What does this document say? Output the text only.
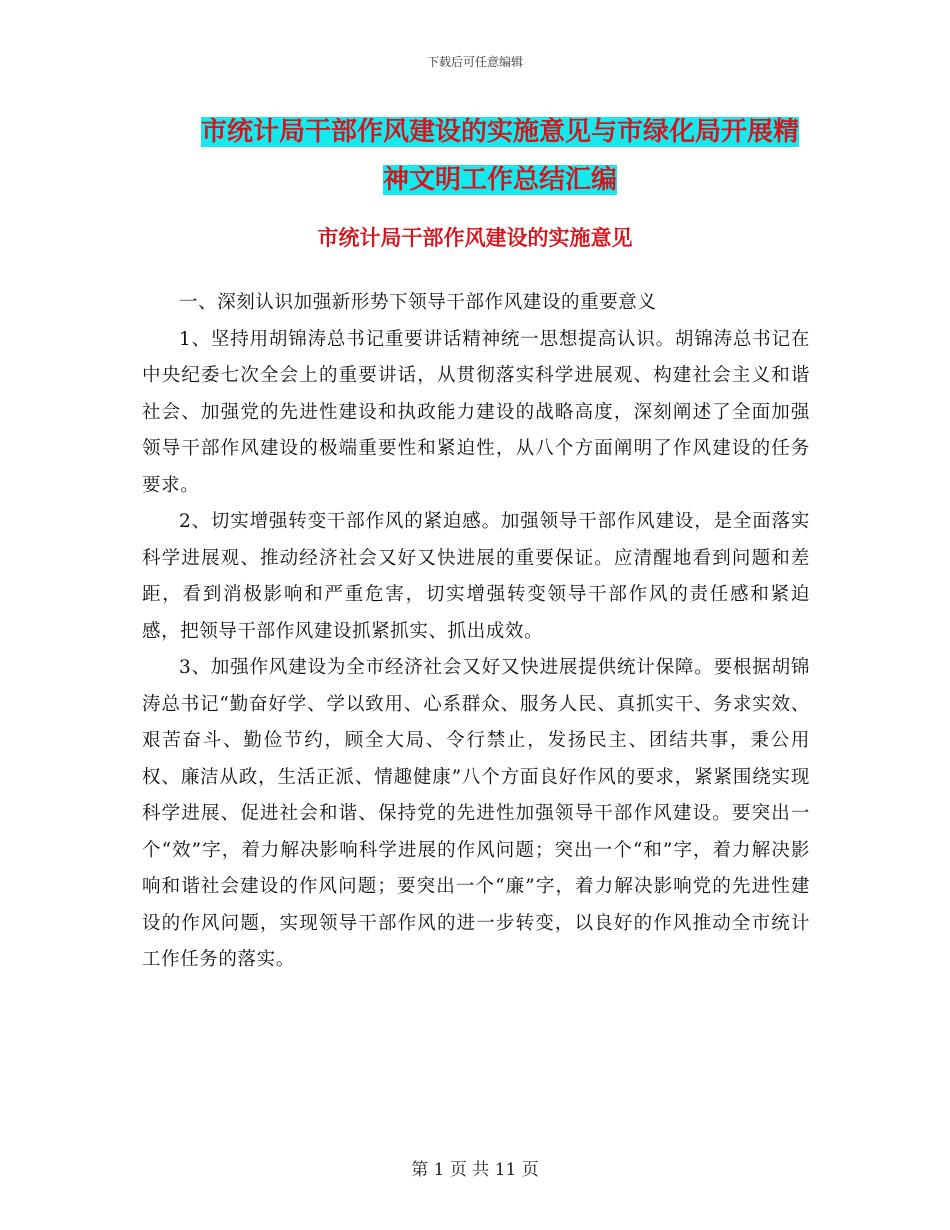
下载后可任意编辑
市统计局干部作风建设的实施意见与市绿化局开展精
神文明工作总结汇编
市统计局干部作风建设的实施意见

一、深刻认识加强新形势下领导干部作风建设的重要意义

1、坚持用胡锦涛总书记重要讲话精神统一思想提高认识。胡锦涛总书记在中央纪委七次全会上的重要讲话，从贯彻落实科学进展观、构建社会主义和谐社会、加强党的先进性建设和执政能力建设的战略高度，深刻阐述了全面加强领导干部作风建设的极端重要性和紧迫性，从八个方面阐明了作风建设的任务要求。

2、切实增强转变干部作风的紧迫感。加强领导干部作风建设，是全面落实科学进展观、推动经济社会又好又快进展的重要保证。应清醒地看到问题和差距，看到消极影响和严重危害，切实增强转变领导干部作风的责任感和紧迫感，把领导干部作风建设抓紧抓实、抓出成效。

3、加强作风建设为全市经济社会又好又快进展提供统计保障。要根据胡锦涛总书记“勤奋好学、学以致用、心系群众、服务人民、真抓实干、务求实效、艰苦奋斗、勤俭节约，顾全大局、令行禁止，发扬民主、团结共事，秉公用权、廉洁从政，生活正派、情趣健康”八个方面良好作风的要求，紧紧围绕实现科学进展、促进社会和谐、保持党的先进性加强领导干部作风建设。要突出一个“效”字，着力解决影响科学进展的作风问题；突出一个“和”字，着力解决影响和谐社会建设的作风问题；要突出一个“廉”字，着力解决影响党的先进性建设的作风问题，实现领导干部作风的进一步转变，以良好的作风推动全市统计工作任务的落实。

第 1 页 共 11 页
